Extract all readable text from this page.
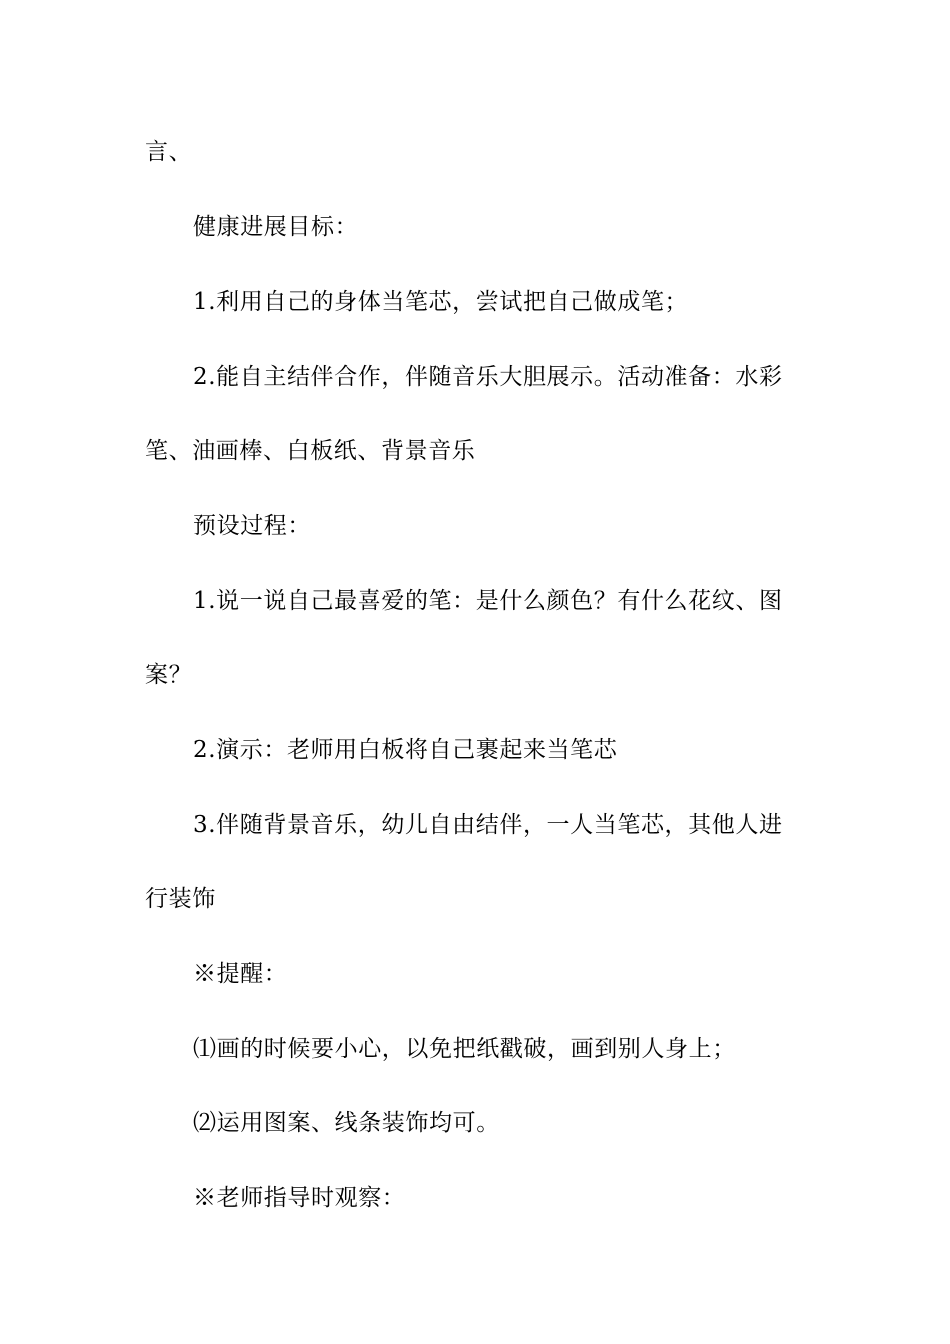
言、
健康进展目标：
1.利用自己的身体当笔芯，尝试把自己做成笔；
2.能自主结伴合作，伴随音乐大胆展示。活动准备：水彩
笔、油画棒、白板纸、背景音乐
预设过程：
1.说一说自己最喜爱的笔：是什么颜色？有什么花纹、图
案？
2.演示：老师用白板将自己裹起来当笔芯
3.伴随背景音乐，幼儿自由结伴，一人当笔芯，其他人进
行装饰
※提醒：
⑴画的时候要小心，以免把纸戳破，画到别人身上；
⑵运用图案、线条装饰均可。
※老师指导时观察：
